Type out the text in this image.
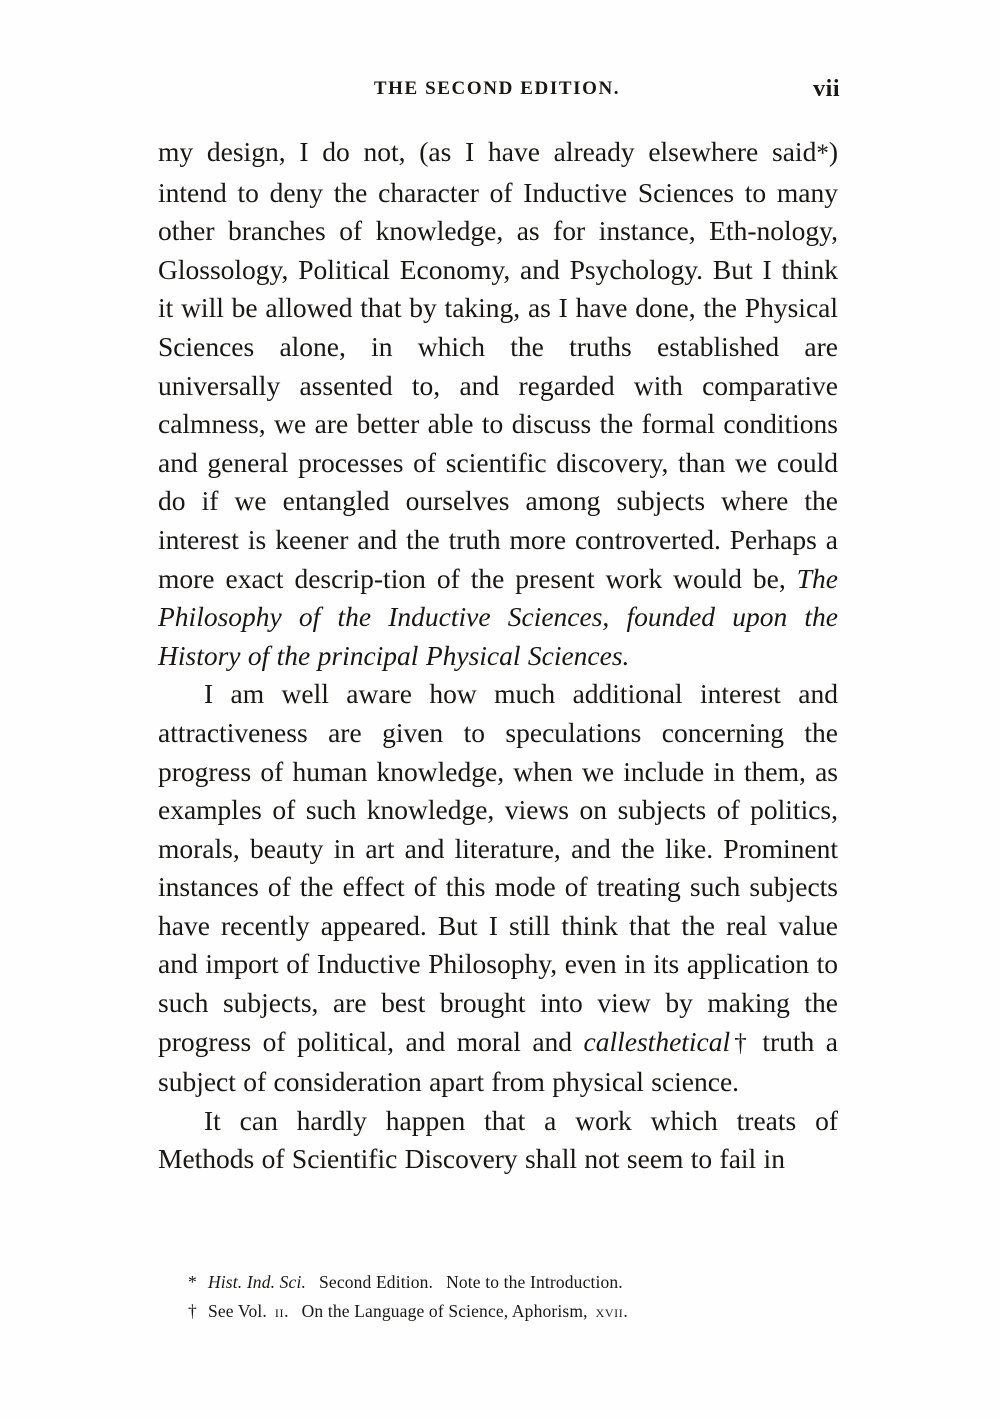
THE SECOND EDITION.	vii

my design, I do not, (as I have already elsewhere said*) intend to deny the character of Inductive Sciences to many other branches of knowledge, as for instance, Eth‐nology, Glossology, Political Economy, and Psychology. But I think it will be allowed that by taking, as I have done, the Physical Sciences alone, in which the truths established are universally assented to, and regarded with comparative calmness, we are better able to discuss the formal conditions and general processes of scientific discovery, than we could do if we entangled ourselves among subjects where the interest is keener and the truth more controverted. Perhaps a more exact descrip‐tion of the present work would be, The Philosophy of the Inductive Sciences, founded upon the History of the principal Physical Sciences.

I am well aware how much additional interest and attractiveness are given to speculations concerning the progress of human knowledge, when we include in them, as examples of such knowledge, views on subjects of politics, morals, beauty in art and literature, and the like. Prominent instances of the effect of this mode of treating such subjects have recently appeared. But I still think that the real value and import of Inductive Philosophy, even in its application to such subjects, are best brought into view by making the progress of political, and moral and callesthetical† truth a subject of consideration apart from physical science.

It can hardly happen that a work which treats of Methods of Scientific Discovery shall not seem to fail in

* Hist. Ind. Sci. Second Edition. Note to the Introduction.
† See Vol. ii. On the Language of Science, Aphorism, xvii.
